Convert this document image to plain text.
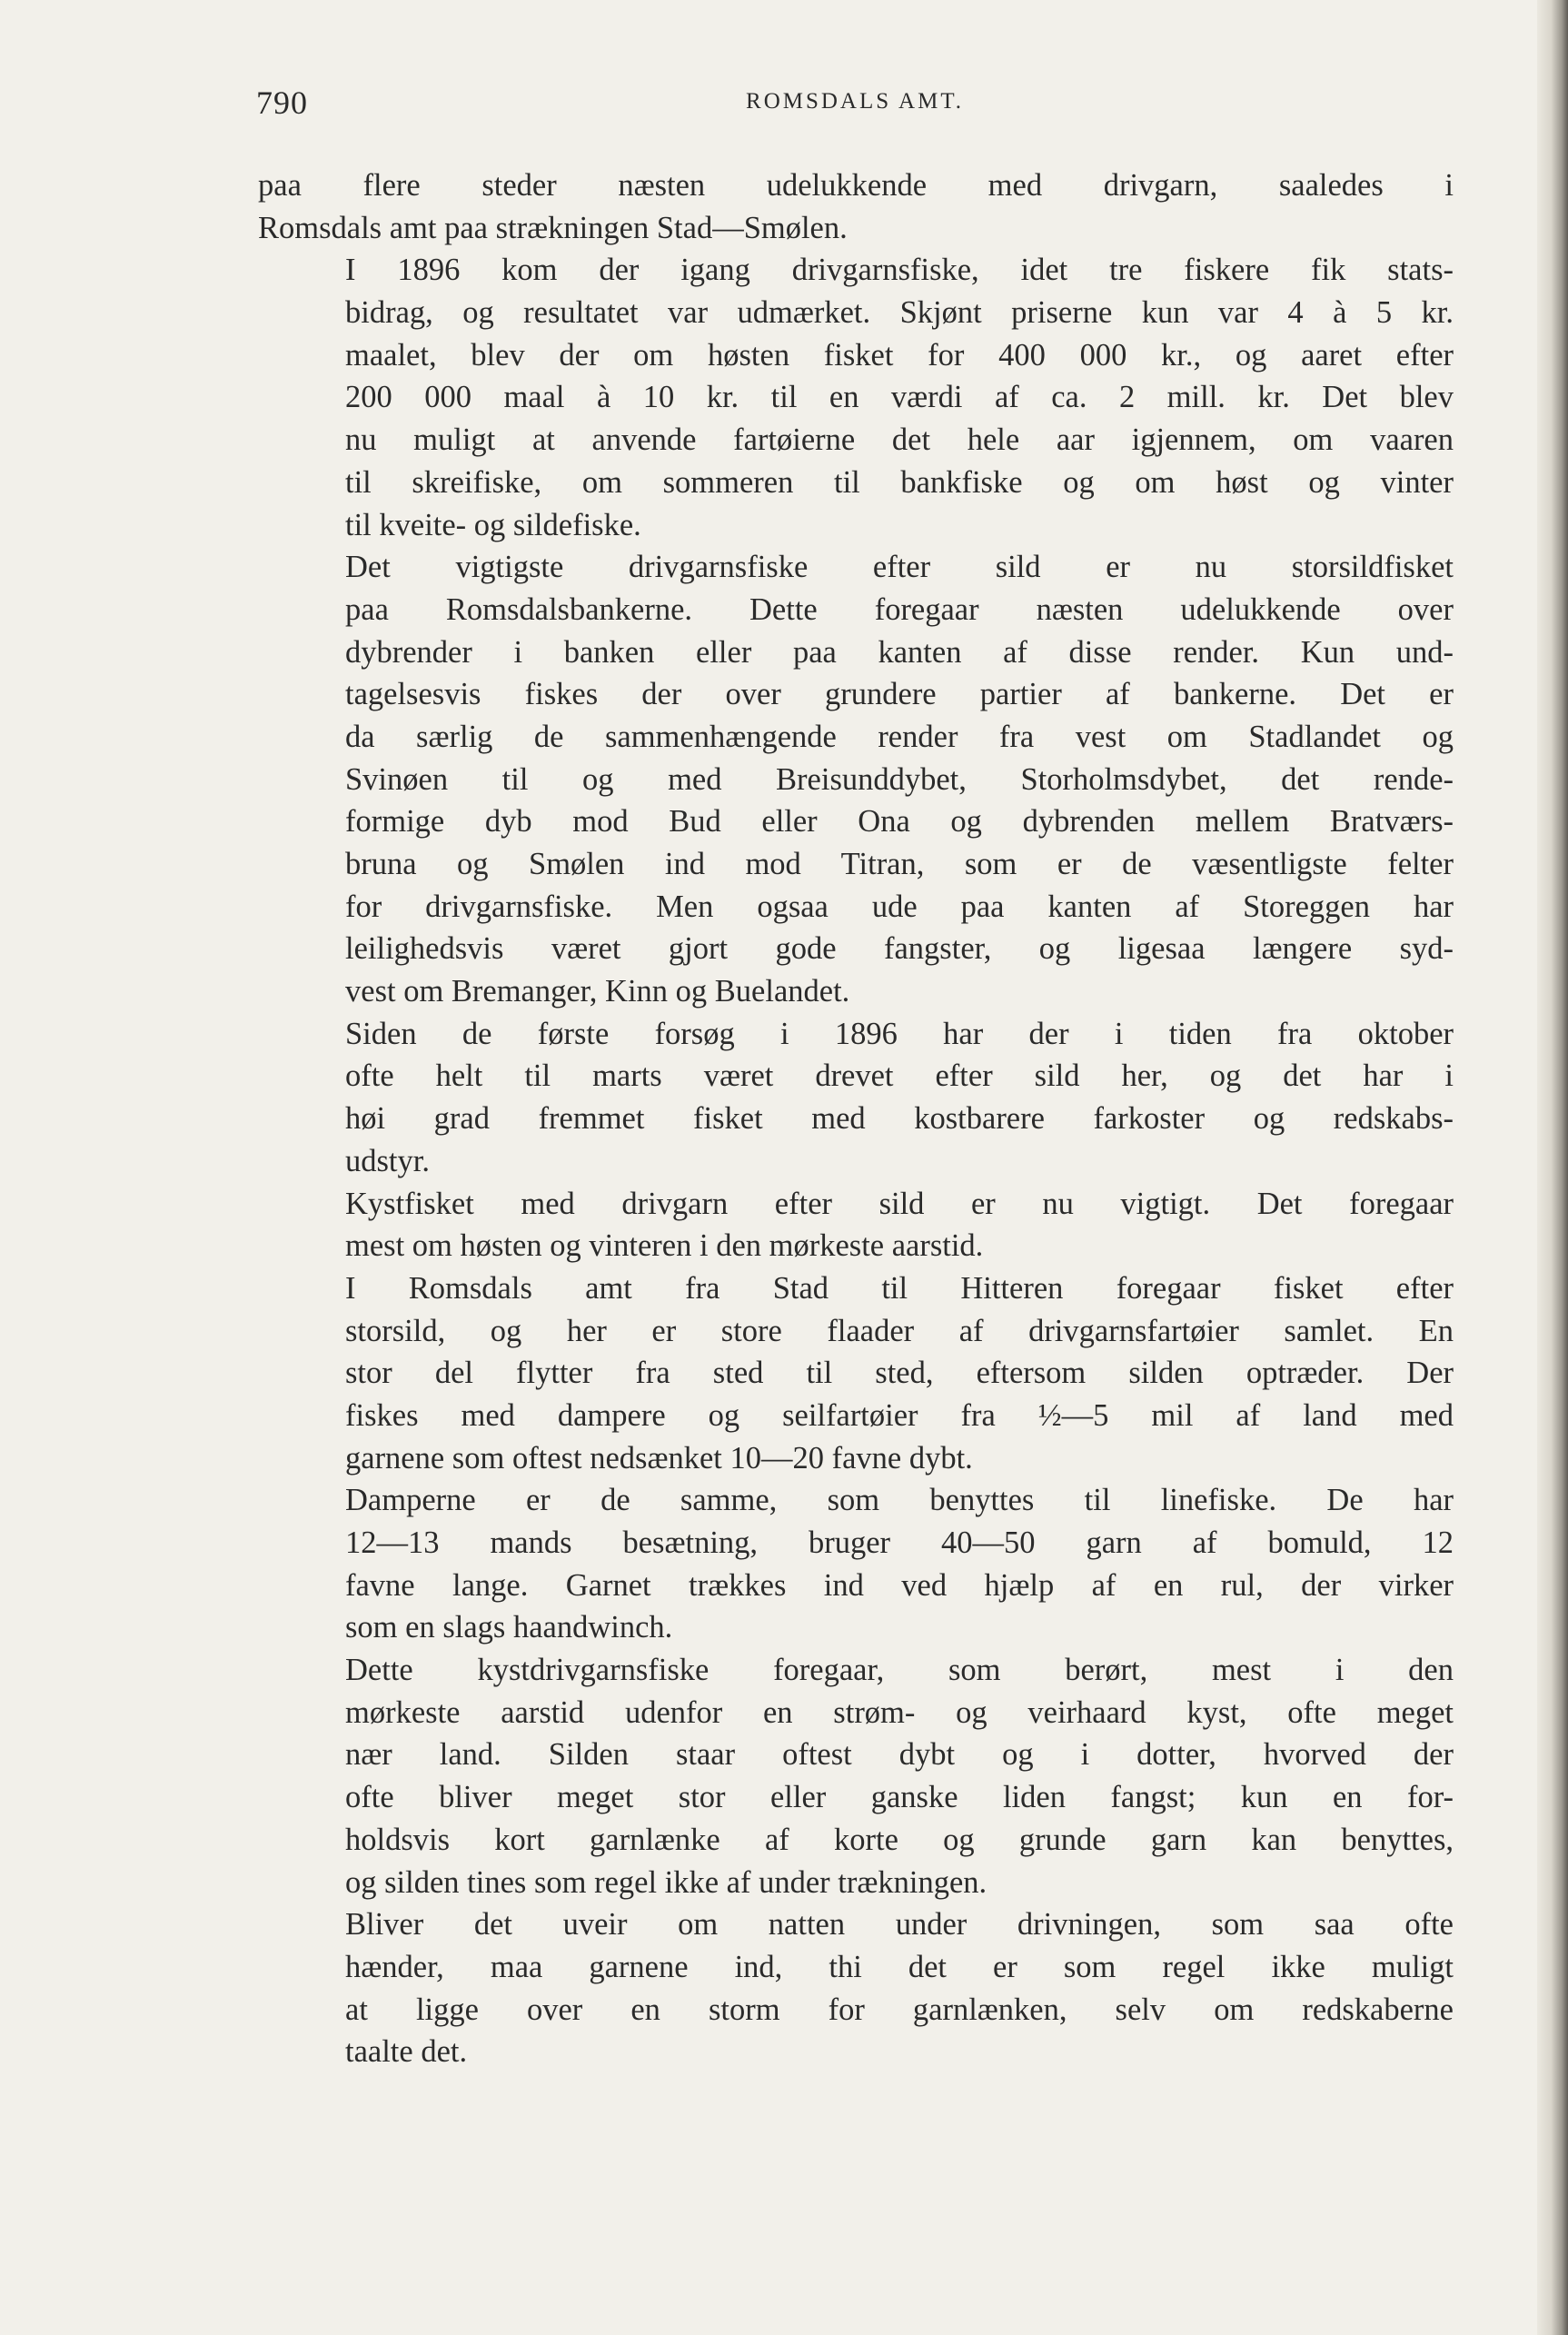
790	ROMSDALS AMT.
paa flere steder næsten udelukkende med drivgarn, saaledes i
Romsdals amt paa strækningen Stad—Smølen.
I 1896 kom der igang drivgarnsfiske, idet tre fiskere fik stats-
bidrag, og resultatet var udmærket. Skjønt priserne kun var 4 à 5 kr.
maalet, blev der om høsten fisket for 400 000 kr., og aaret efter
200 000 maal à 10 kr. til en værdi af ca. 2 mill. kr. Det blev
nu muligt at anvende fartøierne det hele aar igjennem, om vaaren
til skreifiske, om sommeren til bankfiske og om høst og vinter
til kveite- og sildefiske.
Det vigtigste drivgarnsfiske efter sild er nu storsildfisket
paa Romsdalsbankerne. Dette foregaar næsten udelukkende over
dybrender i banken eller paa kanten af disse render. Kun und-
tagelsesvis fiskes der over grundere partier af bankerne. Det er
da særlig de sammenhængende render fra vest om Stadlandet og
Svinøen til og med Breisunddybet, Storholmsdybet, det rende-
formige dyb mod Bud eller Ona og dybrenden mellem Bratværs-
bruna og Smølen ind mod Titran, som er de væsentligste felter
for drivgarnsfiske. Men ogsaa ude paa kanten af Storeggen har
leilighedsvis været gjort gode fangster, og ligesaa længere syd-
vest om Bremanger, Kinn og Buelandet.
Siden de første forsøg i 1896 har der i tiden fra oktober
ofte helt til marts været drevet efter sild her, og det har i
høi grad fremmet fisket med kostbarere farkoster og redskabs-
udstyr.
Kystfisket med drivgarn efter sild er nu vigtigt. Det foregaar
mest om høsten og vinteren i den mørkeste aarstid.
I Romsdals amt fra Stad til Hitteren foregaar fisket efter
storsild, og her er store flaader af drivgarnsfartøier samlet. En
stor del flytter fra sted til sted, eftersom silden optræder. Der
fiskes med dampere og seilfartøier fra ½—5 mil af land med
garnene som oftest nedsænket 10—20 favne dybt.
Damperne er de samme, som benyttes til linefiske. De har
12—13 mands besætning, bruger 40—50 garn af bomuld, 12
favne lange. Garnet trækkes ind ved hjælp af en rul, der virker
som en slags haandwinch.
Dette kystdrivgarnsfiske foregaar, som berørt, mest i den
mørkeste aarstid udenfor en strøm- og veirhaard kyst, ofte meget
nær land. Silden staar oftest dybt og i dotter, hvorved der
ofte bliver meget stor eller ganske liden fangst; kun en for-
holdsvis kort garnlænke af korte og grunde garn kan benyttes,
og silden tines som regel ikke af under trækningen.
Bliver det uveir om natten under drivningen, som saa ofte
hænder, maa garnene ind, thi det er som regel ikke muligt
at ligge over en storm for garnlænken, selv om redskaberne
taalte det.
